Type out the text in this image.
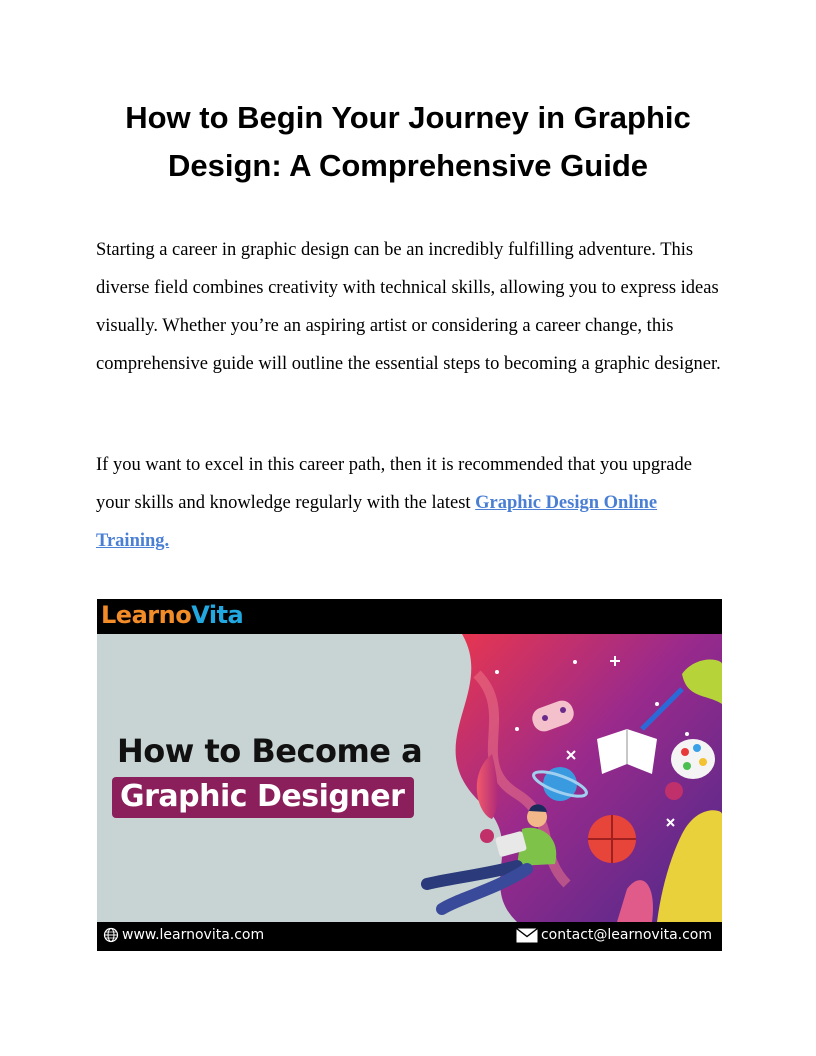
How to Begin Your Journey in Graphic Design: A Comprehensive Guide

Starting a career in graphic design can be an incredibly fulfilling adventure. This diverse field combines creativity with technical skills, allowing you to express ideas visually. Whether you’re an aspiring artist or considering a career change, this comprehensive guide will outline the essential steps to becoming a graphic designer.

If you want to excel in this career path, then it is recommended that you upgrade your skills and knowledge regularly with the latest Graphic Design Online Training.

LearnoVita
How to Become a
Graphic Designer
www.learnovita.com	contact@learnovita.com
